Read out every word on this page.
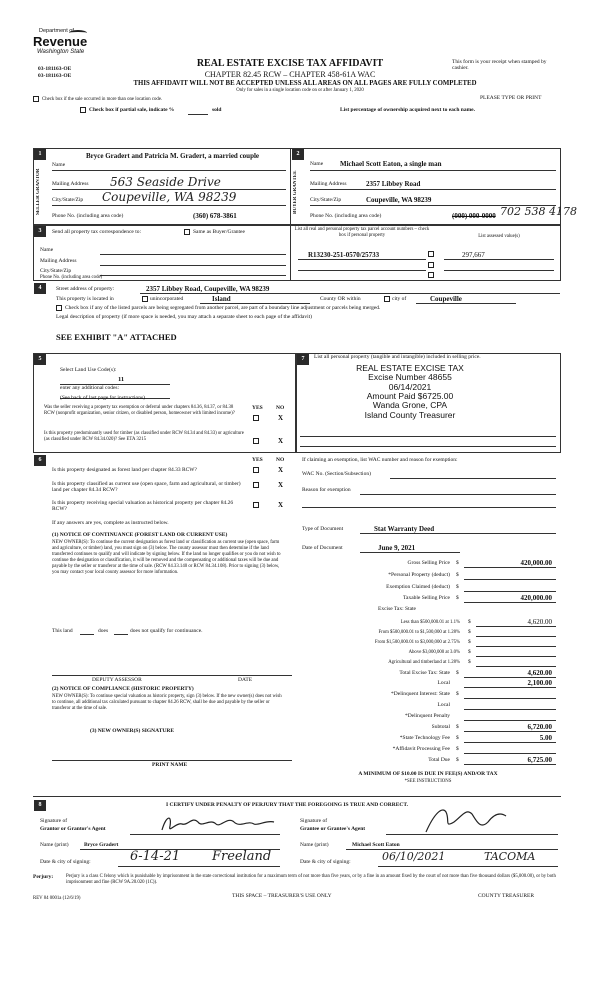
Department of
Revenue
Washington State
03-181163-OE
03-181163-OE
REAL ESTATE EXCISE TAX AFFIDAVIT
CHAPTER 82.45 RCW – CHAPTER 458-61A WAC
THIS AFFIDAVIT WILL NOT BE ACCEPTED UNLESS ALL AREAS ON ALL PAGES ARE FULLY COMPLETED
Only for sales in a single location code on or after January 1, 2020
This form is your receipt when stamped by cashier.
PLEASE TYPE OR PRINT
Check box if the sale occurred in more than one location code.
Check box if partial sale, indicate %	sold	List percentage of ownership acquired next to each name.
1
SELLER GRANTOR
Bryce Gradert and Patricia M. Gradert, a married couple
Name
Mailing Address 563 Seaside Drive
City/State/Zip Coupeville, WA 98239
Phone No. (including area code)	(360) 678-3861
2
BUYER GRANTEE
Name Michael Scott Eaton, a single man
Mailing Address	2357 Libbey Road
City/State/Zip	Coupeville, WA 98239
Phone No. (including area code)	(000) 000-0000 702 538 4178
3	Send all property tax correspondence to:	Same as Buyer/Grantee
Name
Mailing Address
City/State/Zip
Phone No. (including area code)
List all real and personal property tax parcel account numbers – check box if personal property	List assessed value(s)
R13230-251-0570/25733	297,667
4	Street address of property:	2357 Libbey Road, Coupeville, WA 98239
This property is located in	unincorporated	Island	County OR within	city of	Coupeville
Check box if any of the listed parcels are being segregated from another parcel, are part of a boundary line adjustment or parcels being merged.
Legal description of property (if more space is needed, you may attach a separate sheet to each page of the affidavit)
SEE EXHIBIT "A" ATTACHED
5
Select Land Use Code(s):
11
enter any additional codes:
(See back of last page for instructions)
YES NO
Was the seller receiving a property tax exemption or deferral under chapters 84.36, 84.37, or 84.38 RCW (nonprofit organization, senior citizen, or disabled person, homeowner with limited income)?
X
Is this property predominantly used for timber (as classified under RCW 84.34 and 84.33) or agriculture (as classified under RCW 84.34.020)? See ETA 3215	X
6	YES NO
Is this property designated as forest land per chapter 84.33 RCW?	X
Is this property classified as current use (open space, farm and agricultural, or timber) land per chapter 84.34 RCW?
X
Is this property receiving special valuation as historical property per chapter 84.26 RCW?
X
If any answers are yes, complete as instructed below.
(1) NOTICE OF CONTINUANCE (FOREST LAND OR CURRENT USE)
NEW OWNER(S): To continue the current designation as forest land or classification as current use (open space, farm and agriculture, or timber) land, you must sign on (3) below. The county assessor must then determine if the land transferred continues to qualify and will indicate by signing below. If the land no longer qualifies or you do not wish to continue the designation or classification, it will be removed and the compensating or additional taxes will be due and payable by the seller or transferor at the time of sale. (RCW 84.33.140 or RCW 84.34.108). Prior to signing (3) below, you may contact your local county assessor for more information.
This land	does	does not qualify for continuance.
DEPUTY ASSESSOR	DATE
(2) NOTICE OF COMPLIANCE (HISTORIC PROPERTY)
NEW OWNER(S): To continue special valuation as historic property, sign (3) below. If the new owner(s) does not wish to continue, all additional tax calculated pursuant to chapter 84.26 RCW, shall be due and payable by the seller or transferor at the time of sale.
(3) NEW OWNER(S) SIGNATURE
PRINT NAME
7	List all personal property (tangible and intangible) included in selling price.
REAL ESTATE EXCISE TAX
Excise Number 48655
06/14/2021
Amount Paid $6725.00
Wanda Grone, CPA
Island County Treasurer
If claiming an exemption, list WAC number and reason for exemption:
WAC No. (Section/Subsection)
Reason for exemption
Type of Document	Stat Warranty Deed
Date of Document	June 9, 2021
Gross Selling Price $	420,000.00
*Personal Property (deduct) $
Exemption Claimed (deduct) $
Taxable Selling Price $	420,000.00
Excise Tax: State
Less than $500,000.01 at 1.1% $	4,620.00
From $500,000.01 to $1,500,000 at 1.28% $
From $1,500,000.01 to $3,000,000 at 2.75% $
Above $3,000,000 at 3.0% $
Agricultural and timberland at 1.28% $
Total Excise Tax: State $	4,620.00
Local	2,100.00
*Delinquent Interest: State $
Local
*Delinquent Penalty
Subtotal $	6,720.00
*State Technology Fee $	5.00
*Affidavit Processing Fee $
Total Due $	6,725.00
A MINIMUM OF $10.00 IS DUE IN FEE(S) AND/OR TAX
*SEE INSTRUCTIONS
8	I CERTIFY UNDER PENALTY OF PERJURY THAT THE FOREGOING IS TRUE AND CORRECT.
Signature of
Grantor or Grantor's Agent
Signature of
Grantee or Grantee's Agent
Name (print)	Bryce Gradert	Name (print)	Michael Scott Eaton
Date & city of signing:	6-14-21 Freeland	Date & city of signing:	06/10/2021	TACOMA
Perjury:	Perjury is a class C felony which is punishable by imprisonment in the state correctional institution for a maximum term of not more than five years, or by a fine in an amount fixed by the court of not more than five thousand dollars ($5,000.00), or by both imprisonment and fine (RCW 9A.20.020 (1C)).
REV 84 0001a (12/6/19)	THIS SPACE – TREASURER'S USE ONLY	COUNTY TREASURER
